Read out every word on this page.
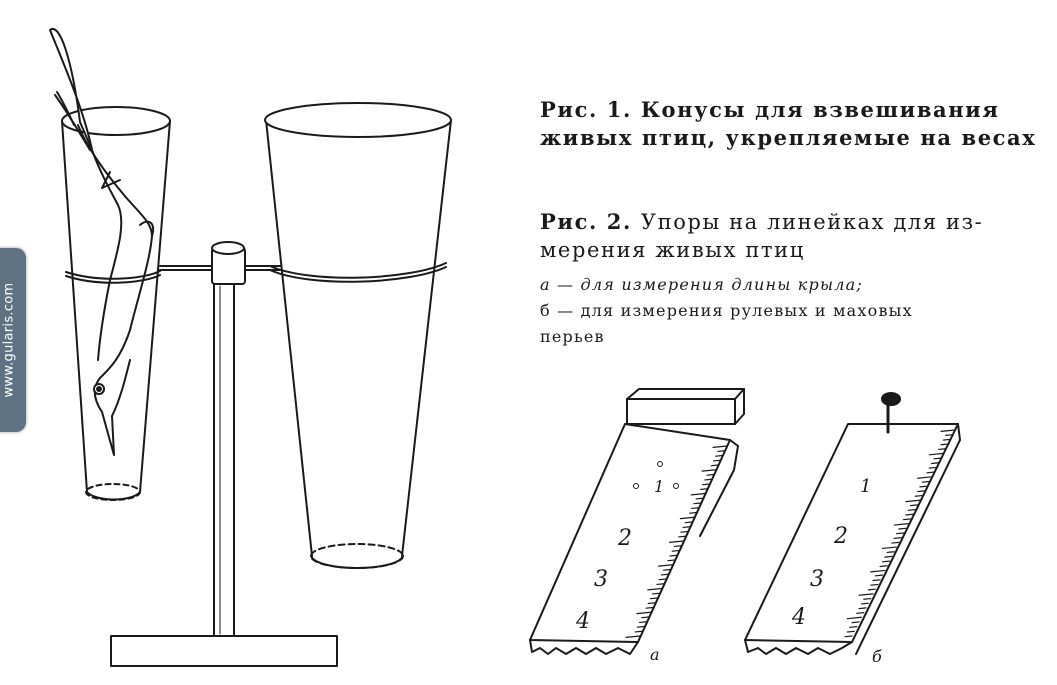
1
2
3
4
а
1
2
3
4
б
Рис. 1. Конусы для взвешивания
живых птиц, укрепляемые на весах
Рис. 2. Упоры на линейках для из-
мерения живых птиц
а — для измерения длины крыла;
б — для измерения рулевых и маховых
перьев
www.gularis.com
